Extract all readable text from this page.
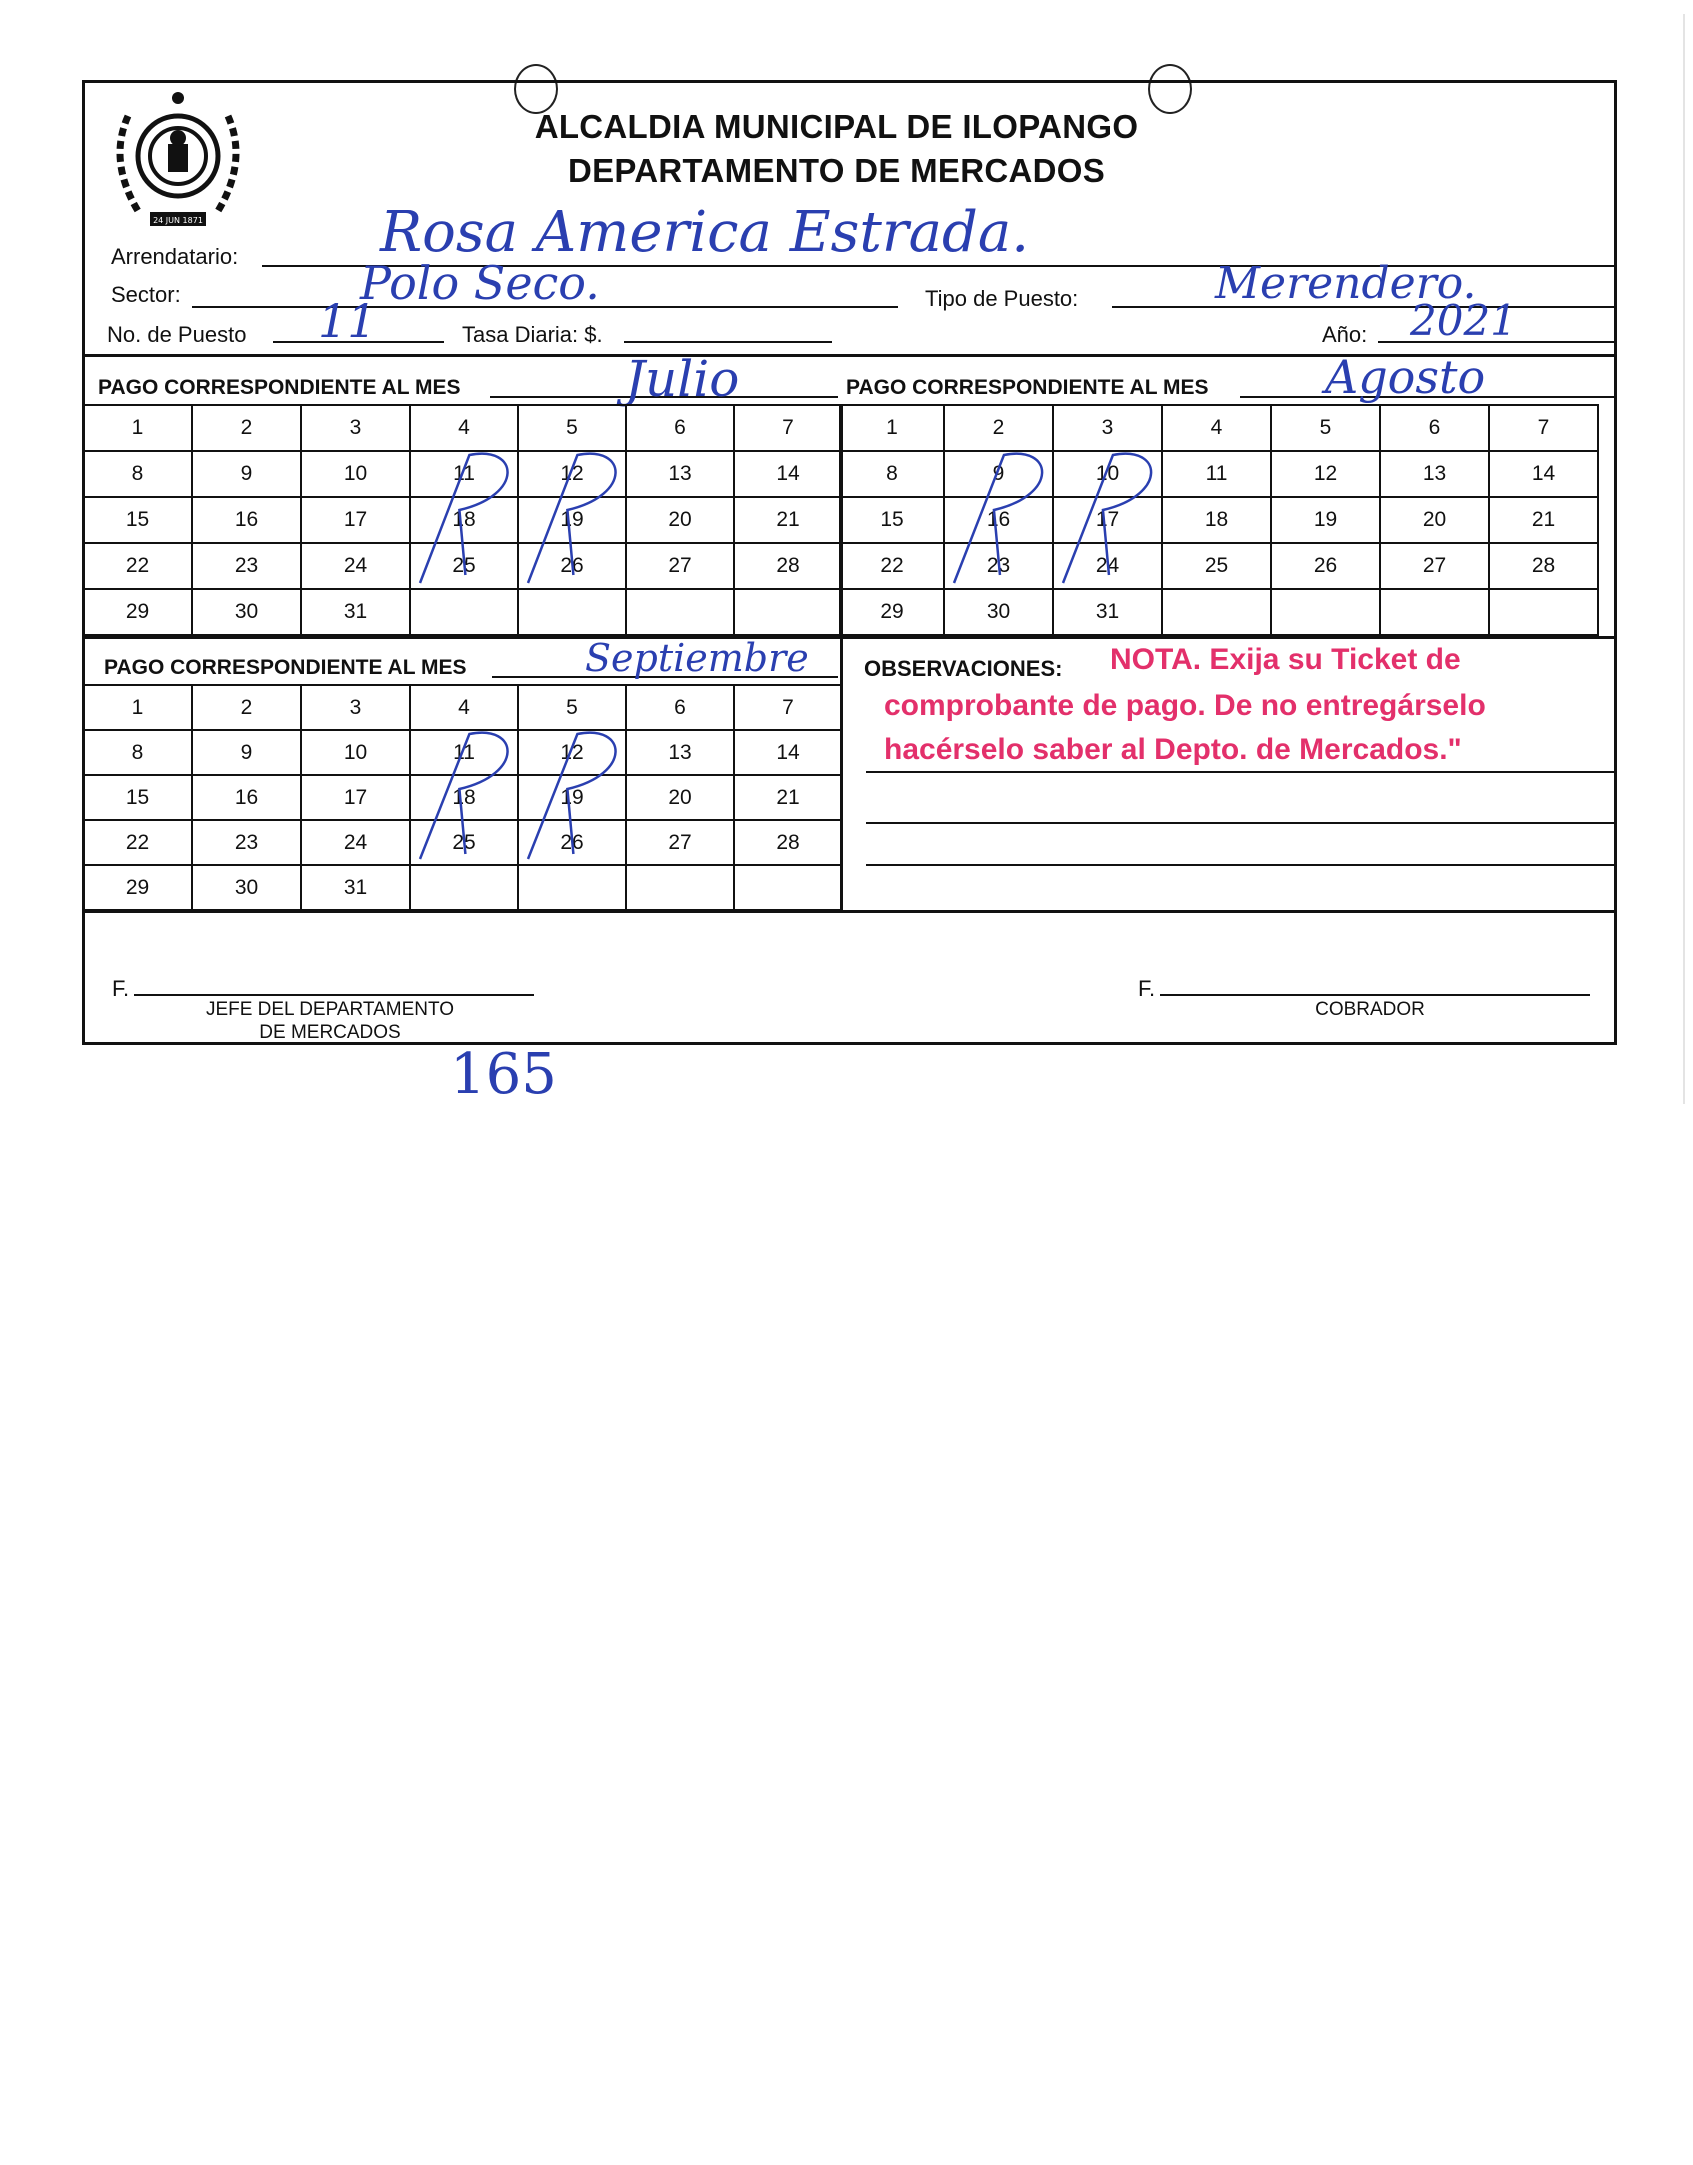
24 JUN 1871
ALCALDIA MUNICIPAL DE ILOPANGO
DEPARTAMENTO DE MERCADOS
Arrendatario:	Rosa America Estrada.
Sector:	Polo Seco.	Tipo de Puesto:	Merendero.
No. de Puesto 11	Tasa Diaria: $.	Año: 2021
PAGO CORRESPONDIENTE AL MES	Julio	PAGO CORRESPONDIENTE AL MES	Agosto
1	2	3	4	5	6	7
8	9	10	11	12	13	14
15	16	17	18	19	20	21
22	23	24	25	26	27	28
29	30	31				
1	2	3	4	5	6	7
8	9	10	11	12	13	14
15	16	17	18	19	20	21
22	23	24	25	26	27	28
29	30	31				
PAGO CORRESPONDIENTE AL MES	Septiembre
1	2	3	4	5	6	7
8	9	10	11	12	13	14
15	16	17	18	19	20	21
22	23	24	25	26	27	28
29	30	31				
OBSERVACIONES: NOTA. Exija su Ticket de
comprobante de pago. De no entregárselo
hacérselo saber al Depto. de Mercados."
F.
JEFE DEL DEPARTAMENTO
DE MERCADOS
F.
COBRADOR
165
